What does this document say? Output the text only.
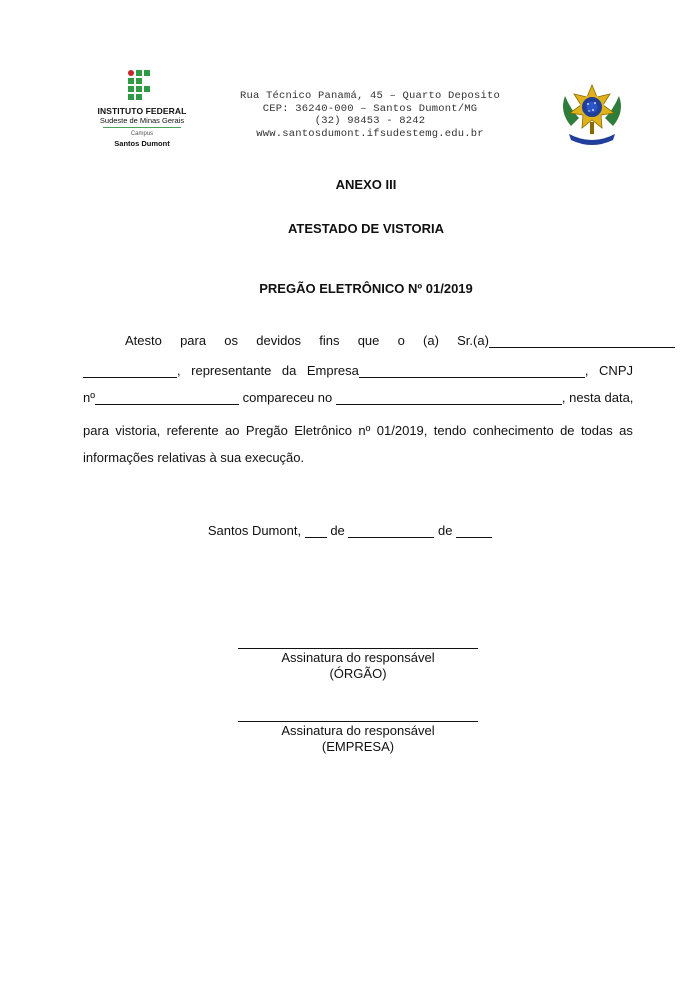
INSTITUTO FEDERAL
Sudeste de Minas Gerais
Campus
Santos Dumont
Rua Técnico Panamá, 45 – Quarto Deposito
CEP: 36240-000 – Santos Dumont/MG
(32) 98453 - 8242
www.santosdumont.ifsudestemg.edu.br
ANEXO III
ATESTADO DE VISTORIA
PREGÃO ELETRÔNICO Nº 01/2019
Atesto para os devidos fins que o (a) Sr.(a)
, representante da Empresa	, CNPJ
nº	compareceu no	, nesta data,
para vistoria, referente ao Pregão Eletrônico nº 01/2019, tendo conhecimento de todas as
informações relativas à sua execução.
Santos Dumont, de	de
Assinatura do responsável
(ÓRGÃO)
Assinatura do responsável
(EMPRESA)
